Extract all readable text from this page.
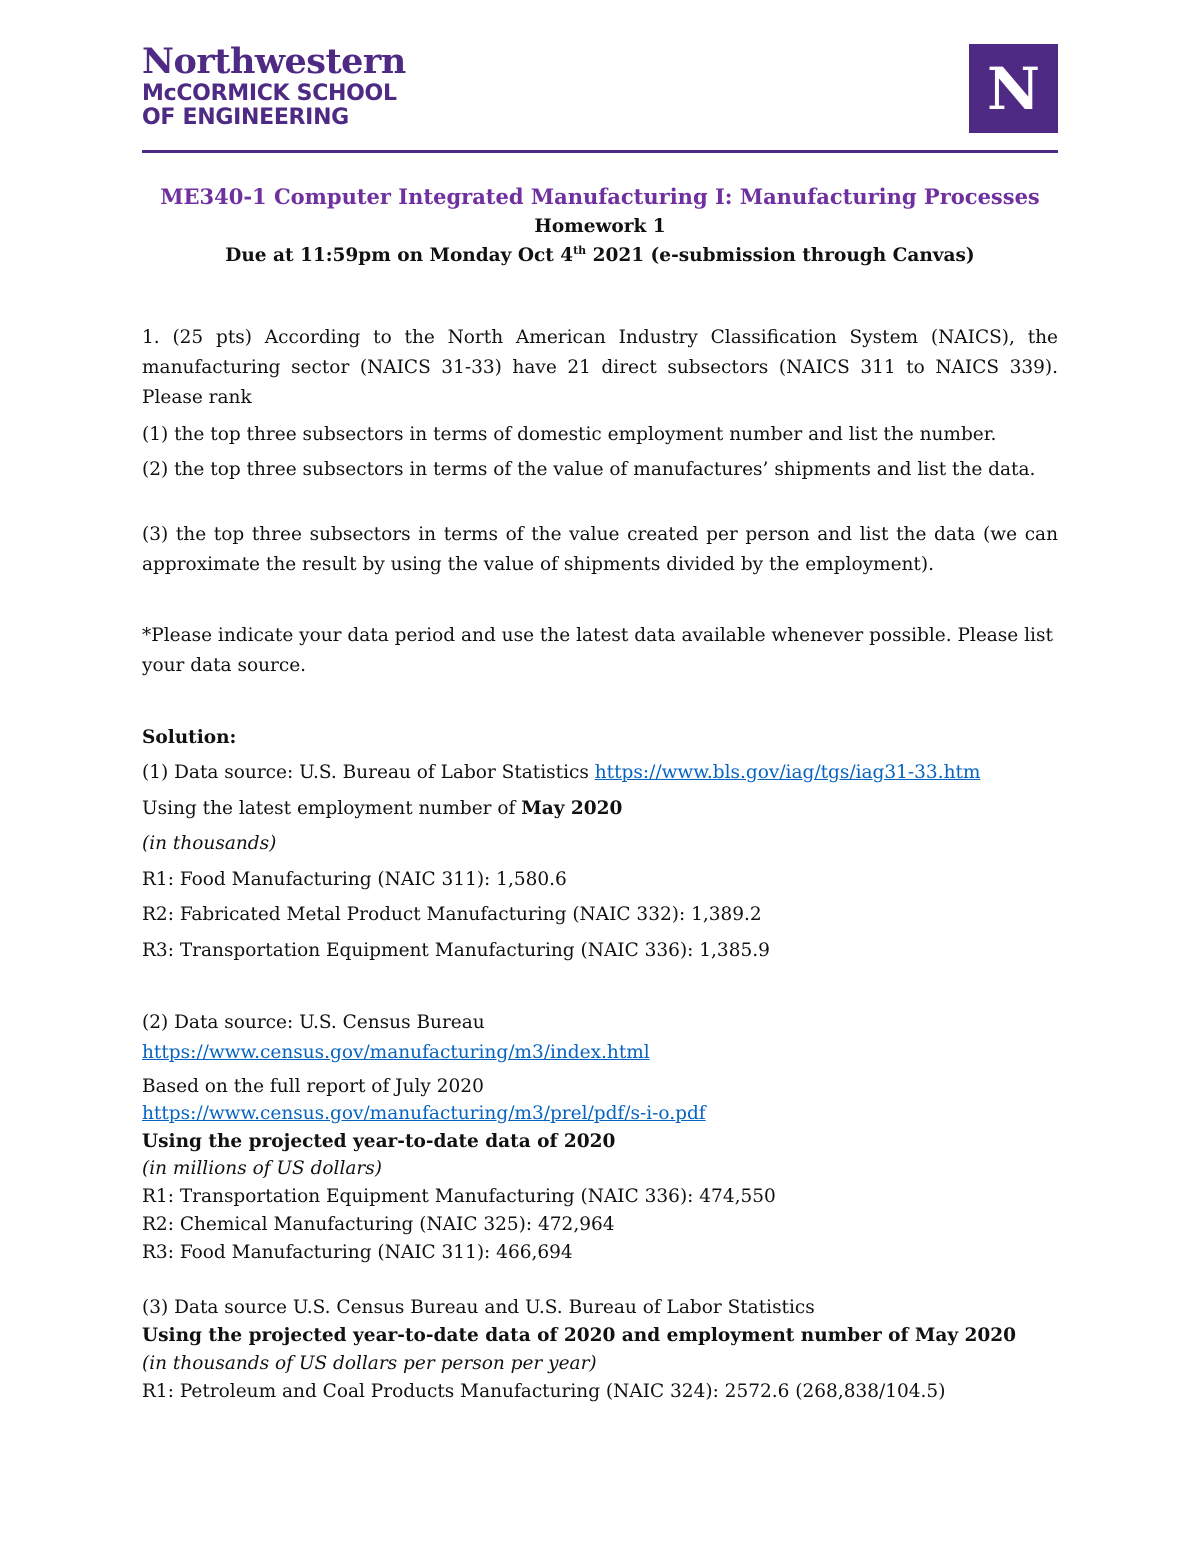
Northwestern
McCORMICK SCHOOL
OF ENGINEERING	N
ME340-1 Computer Integrated Manufacturing I: Manufacturing Processes
Homework 1
Due at 11:59pm on Monday Oct 4th 2021 (e-submission through Canvas)
1. (25 pts) According to the North American Industry Classification System (NAICS), the manufacturing sector (NAICS 31-33) have 21 direct subsectors (NAICS 311 to NAICS 339). Please rank
(1) the top three subsectors in terms of domestic employment number and list the number.
(2) the top three subsectors in terms of the value of manufactures’ shipments and list the data.
(3) the top three subsectors in terms of the value created per person and list the data (we can approximate the result by using the value of shipments divided by the employment).
*Please indicate your data period and use the latest data available whenever possible. Please list your data source.
Solution:
(1) Data source: U.S. Bureau of Labor Statistics https://www.bls.gov/iag/tgs/iag31-33.htm
Using the latest employment number of May 2020
(in thousands)
R1: Food Manufacturing (NAIC 311): 1,580.6
R2: Fabricated Metal Product Manufacturing (NAIC 332): 1,389.2
R3: Transportation Equipment Manufacturing (NAIC 336): 1,385.9
(2) Data source: U.S. Census Bureau
https://www.census.gov/manufacturing/m3/index.html
Based on the full report of July 2020
https://www.census.gov/manufacturing/m3/prel/pdf/s-i-o.pdf
Using the projected year-to-date data of 2020
(in millions of US dollars)
R1: Transportation Equipment Manufacturing (NAIC 336): 474,550
R2: Chemical Manufacturing (NAIC 325): 472,964
R3: Food Manufacturing (NAIC 311): 466,694
(3) Data source U.S. Census Bureau and U.S. Bureau of Labor Statistics
Using the projected year-to-date data of 2020 and employment number of May 2020
(in thousands of US dollars per person per year)
R1: Petroleum and Coal Products Manufacturing (NAIC 324): 2572.6 (268,838/104.5)
